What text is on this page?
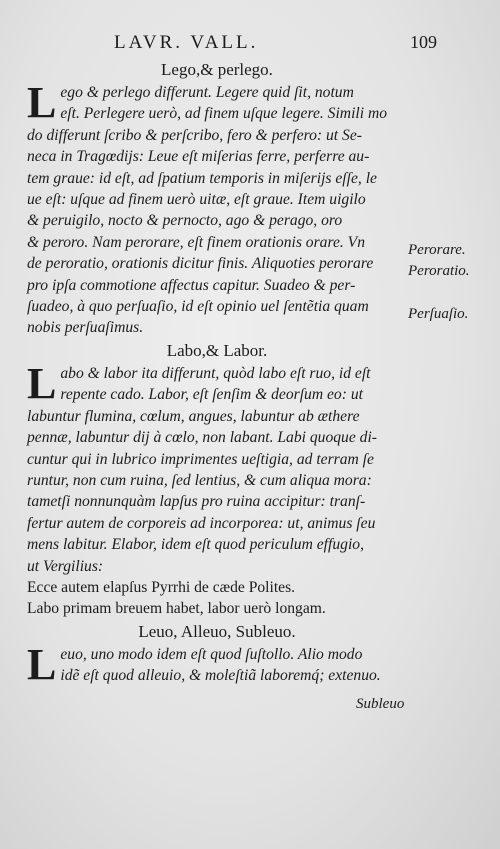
LAVR. VALL.	109
Lego,& perlego.
L ego & perlego differunt. Legere quid ſit, notum
eſt. Perlegere uerò, ad finem uſque legere. Simili mo
do differunt ſcribo & perſcribo, fero & perfero: ut Se-
neca in Tragœdijs: Leue eſt miſerias ferre, perferre au-
tem graue: id eſt, ad ſpatium temporis in miſerijs eſſe, le
ue eſt: uſque ad finem uerò uitæ, eſt graue. Item uigilo
& peruigilo, nocto & pernocto, ago & perago, oro
& peroro. Nam perorare, eſt finem orationis orare. Vn
de peroratio, orationis dicitur finis. Aliquoties perorare
pro ipſa commotione affectus capitur. Suadeo & per-
ſuadeo, à quo perſuaſio, id eſt opinio uel ſentẽtia quam
nobis perſuaſimus.
Labo,& Labor.
L abo & labor ita differunt, quòd labo eſt ruo, id eſt
repente cado. Labor, eſt ſenſim & deorſum eo: ut
labuntur flumina, cœlum, angues, labuntur ab æthere
pennæ, labuntur dij à cœlo, non labant. Labi quoque di-
cuntur qui in lubrico imprimentes ueſtigia, ad terram ſe
runtur, non cum ruina, ſed lentius, & cum aliqua mora:
tametſi nonnunquàm lapſus pro ruina accipitur: tranſ-
fertur autem de corporeis ad incorporea: ut, animus ſeu
mens labitur. Elabor, idem eſt quod periculum effugio,
ut Vergilius:
Ecce autem elapſus Pyrrhi de cæde Polites.
Labo primam breuem habet, labor uerò longam.
Leuo, Alleuo, Subleuo.
L euo, uno modo idem eſt quod ſuſtollo. Alio modo
idẽ eſt quod alleuio, & moleſtiã laboremq́; extenuo.
Perorare.
Peroratio.
Perſuaſio.
Subleuo
